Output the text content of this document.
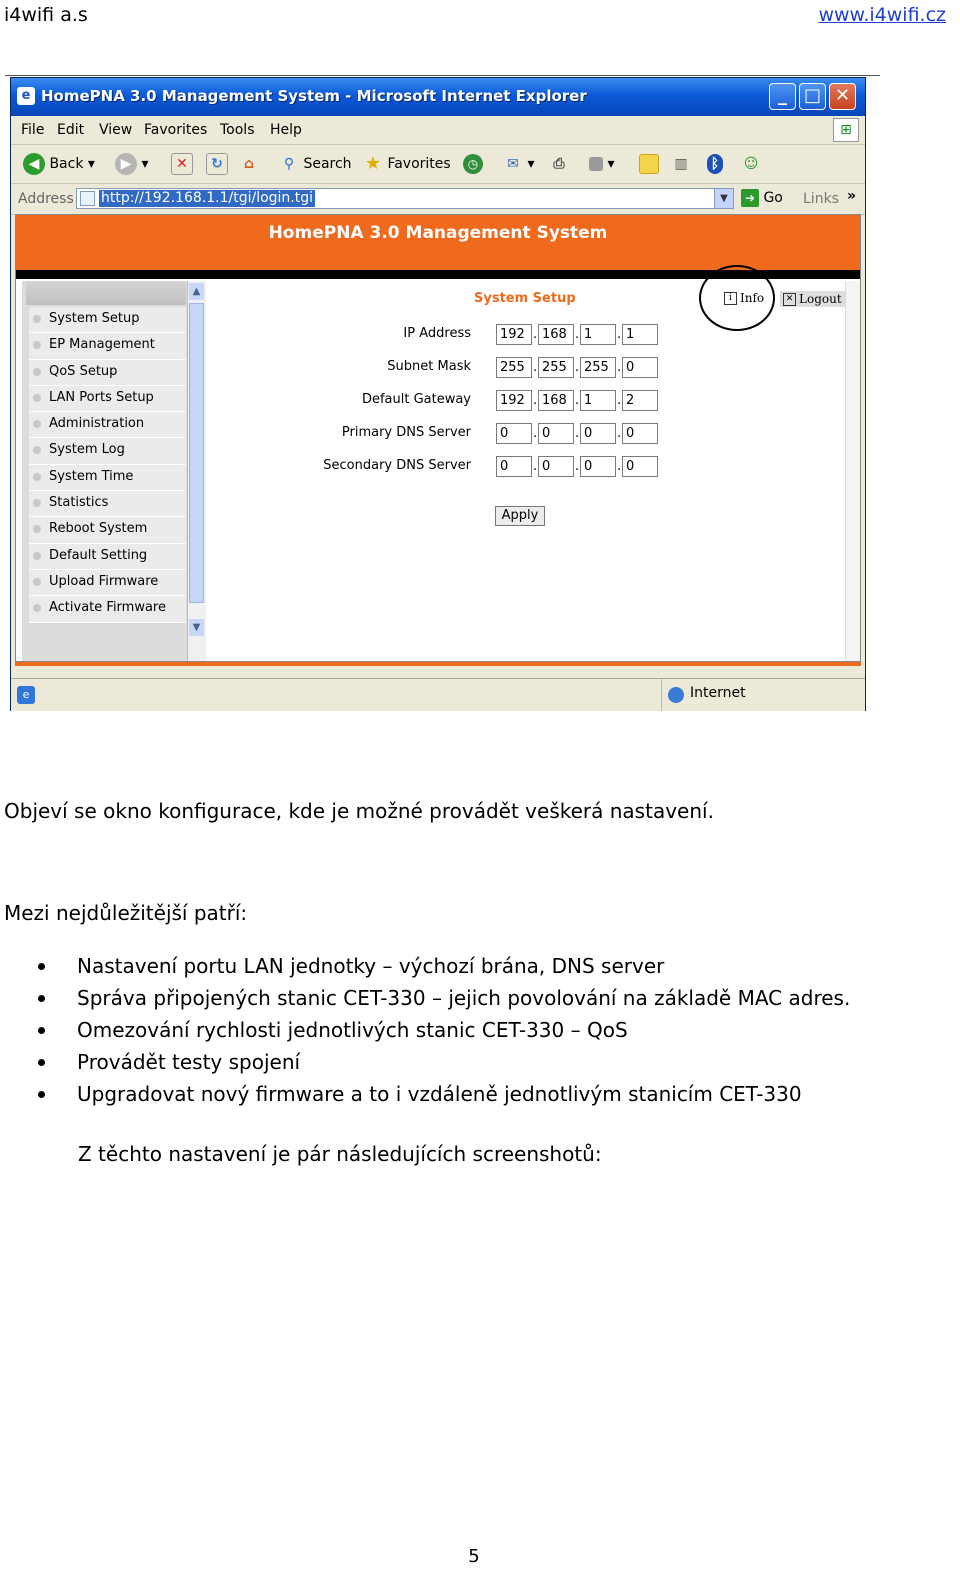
i4wifi a.s	www.i4wifi.cz
e HomePNA 3.0 Management System - Microsoft Internet Explorer	_ □ ✕
File Edit View Favorites Tools Help	⊞
◀ Back ▾	▶ ▾	✕	↻	⌂	⚲ Search ★ Favorites	◷	✉ ▾	⎙	▾	▥ ᛒ ☺
Address http://192.168.1.1/tgi/login.tgi	▼	➜ Go Links »
HomePNA 3.0 Management System
System Setup
EP Management
QoS Setup
LAN Ports Setup
Administration
System Log
System Time
Statistics
Reboot System
Default Setting
Upload Firmware
Activate Firmware
▲
▼
System Setup	i Info	✕ Logout
IP Address	192 . 168 . 1	. 1
Subnet Mask	255 . 255 . 255 . 0
Default Gateway	192 . 168 . 1	. 2
Primary DNS Server	0	. 0	. 0	. 0
Secondary DNS Server	0	. 0	. 0	. 0
Apply
e	Internet
Objeví se okno konfigurace, kde je možné provádět veškerá nastavení.
Mezi nejdůležitější patří:
Nastavení portu LAN jednotky – výchozí brána, DNS server
Správa připojených stanic CET-330 – jejich povolování na základě MAC adres.
Omezování rychlosti jednotlivých stanic CET-330 – QoS
Provádět testy spojení
Upgradovat nový firmware a to i vzdáleně jednotlivým stanicím CET-330
Z těchto nastavení je pár následujících screenshotů:
5
